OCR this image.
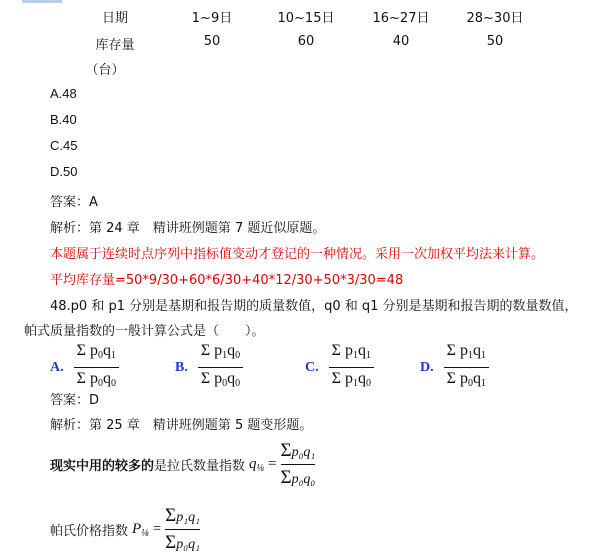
日期	1~9日	10~15日	16~27日	28~30日
库存量	50	60	40	50
（台）
A.48
B.40
C.45
D.50
答案：A
解析：第 24 章　精讲班例题第 7 题近似原题。
本题属于连续时点序列中指标值变动才登记的一种情况。采用一次加权平均法来计算。
平均库存量=50*9/30+60*6/30+40*12/30+50*3/30=48
48.p0 和 p1 分别是基期和报告期的质量数值，q0 和 q1 分别是基期和报告期的数量数值，
帕式质量指数的一般计算公式是（　　）。
A. $\frac{\Sigma p_0q_1}{\Sigma p_0q_0}$	B. $\frac{\Sigma p_1q_0}{\Sigma p_0q_0}$	C. $\frac{\Sigma p_1q_1}{\Sigma p_1q_0}$	D. $\frac{\Sigma p_1q_1}{\Sigma p_0q_1}$
答案：D
解析：第 25 章　精讲班例题第 5 题变形题。
现实中用的较多的 是拉氏数量指数 $q_{\frac{1}{8}}$ =
Σp₀q₁
Σp₀q₀
帕氏价格指数 $P_{\frac{1}{8}}$ =
Σp₁q₁
Σp₀q₁
